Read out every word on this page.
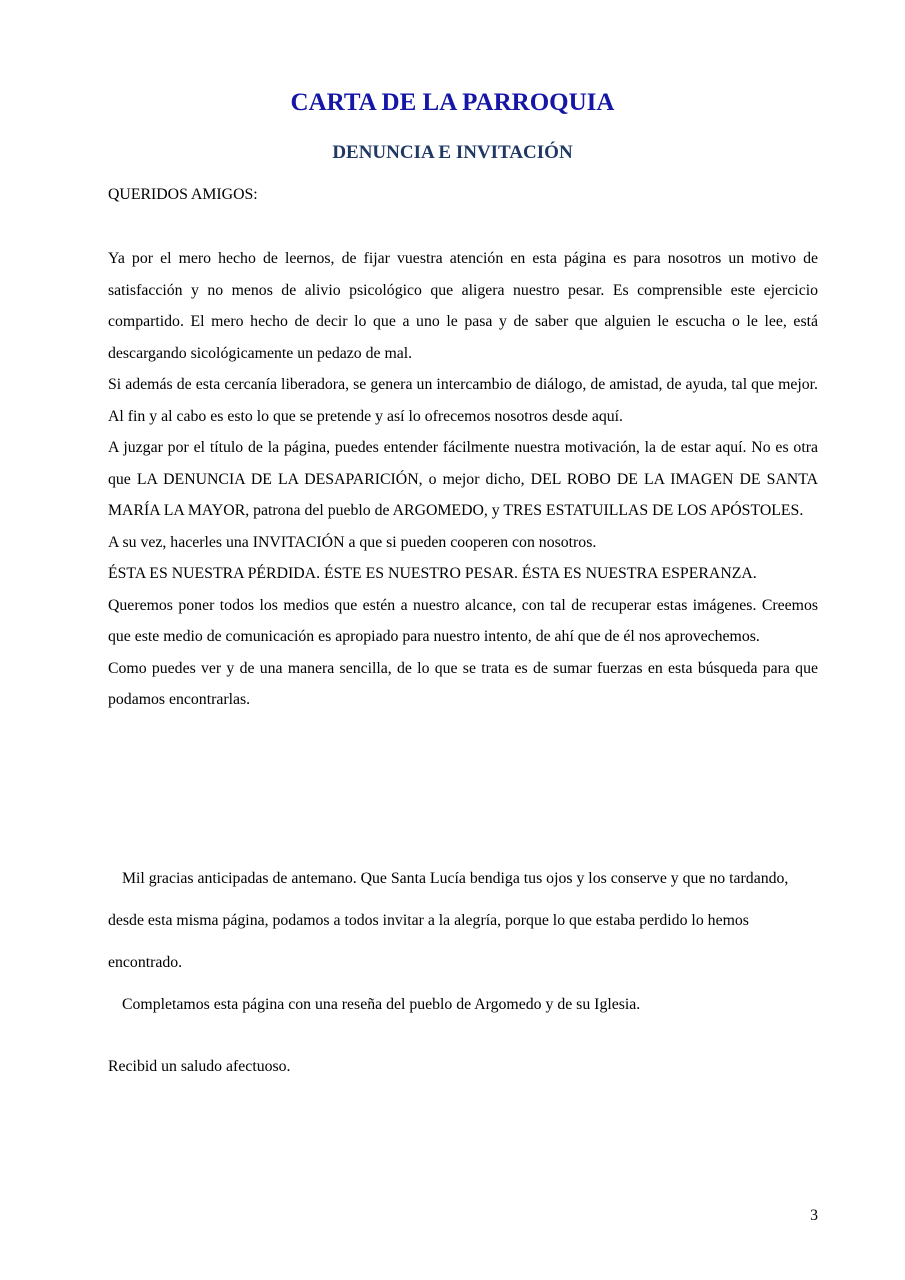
CARTA DE LA PARROQUIA
DENUNCIA E INVITACIÓN
QUERIDOS AMIGOS:

Ya por el mero hecho de leernos, de fijar vuestra atención en esta página es para nosotros un motivo de satisfacción y no menos de alivio psicológico que aligera nuestro pesar. Es comprensible este ejercicio compartido. El mero hecho de decir lo que a uno le pasa y de saber que alguien le escucha o le lee, está descargando sicológicamente un pedazo de mal.

Si además de esta cercanía liberadora, se genera un intercambio de diálogo, de amistad, de ayuda, tal que mejor. Al fin y al cabo es esto lo que se pretende y así lo ofrecemos nosotros desde aquí.

A juzgar por el título de la página, puedes entender fácilmente nuestra motivación, la de estar aquí. No es otra que LA DENUNCIA DE LA DESAPARICIÓN, o mejor dicho, DEL ROBO DE LA IMAGEN DE SANTA MARÍA LA MAYOR, patrona del pueblo de ARGOMEDO, y TRES ESTATUILLAS DE LOS APÓSTOLES.

A su vez, hacerles una INVITACIÓN a que si pueden cooperen con nosotros.

ÉSTA ES NUESTRA PÉRDIDA. ÉSTE ES NUESTRO PESAR. ÉSTA ES NUESTRA ESPERANZA.

Queremos poner todos los medios que estén a nuestro alcance, con tal de recuperar estas imágenes. Creemos que este medio de comunicación es apropiado para nuestro intento, de ahí que de él nos aprovechemos.

Como puedes ver y de una manera sencilla, de lo que se trata es de sumar fuerzas en esta búsqueda para que podamos encontrarlas.

Mil gracias anticipadas de antemano. Que Santa Lucía bendiga tus ojos y los conserve y que no tardando, desde esta misma página, podamos a todos invitar a la alegría, porque lo que estaba perdido lo hemos encontrado.

Completamos esta página con una reseña del pueblo de Argomedo y de su Iglesia.

Recibid un saludo afectuoso.
3
